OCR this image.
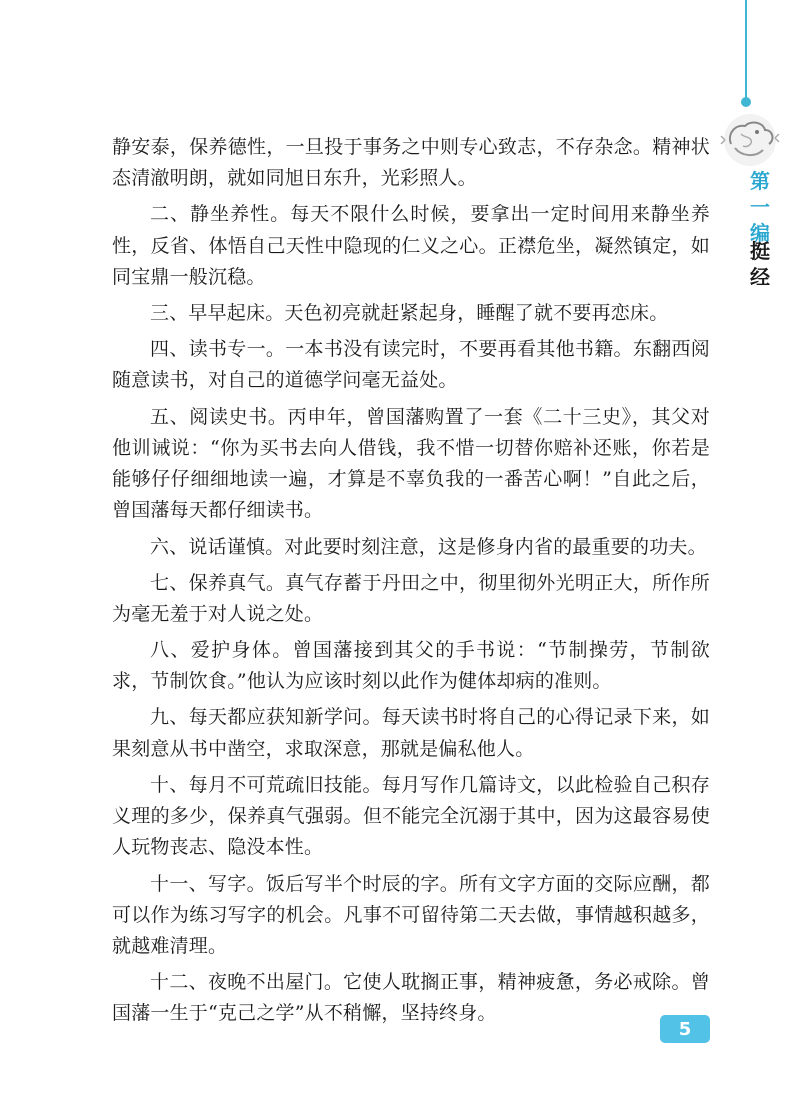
第
一
编
挺
经

静安泰，保养德性，一旦投于事务之中则专心致志，不存杂念。精神状态清澈明朗，就如同旭日东升，光彩照人。

二、静坐养性。每天不限什么时候，要拿出一定时间用来静坐养性，反省、体悟自己天性中隐现的仁义之心。正襟危坐，凝然镇定，如同宝鼎一般沉稳。

三、早早起床。天色初亮就赶紧起身，睡醒了就不要再恋床。

四、读书专一。一本书没有读完时，不要再看其他书籍。东翻西阅随意读书，对自己的道德学问毫无益处。

五、阅读史书。丙申年，曾国藩购置了一套《二十三史》，其父对他训诫说：“你为买书去向人借钱，我不惜一切替你赔补还账，你若是能够仔仔细细地读一遍，才算是不辜负我的一番苦心啊！”自此之后，曾国藩每天都仔细读书。

六、说话谨慎。对此要时刻注意，这是修身内省的最重要的功夫。

七、保养真气。真气存蓄于丹田之中，彻里彻外光明正大，所作所为毫无羞于对人说之处。

八、爱护身体。曾国藩接到其父的手书说：“节制操劳，节制欲求，节制饮食。”他认为应该时刻以此作为健体却病的准则。

九、每天都应获知新学问。每天读书时将自己的心得记录下来，如果刻意从书中凿空，求取深意，那就是偏私他人。

十、每月不可荒疏旧技能。每月写作几篇诗文，以此检验自己积存义理的多少，保养真气强弱。但不能完全沉溺于其中，因为这最容易使人玩物丧志、隐没本性。

十一、写字。饭后写半个时辰的字。所有文字方面的交际应酬，都可以作为练习写字的机会。凡事不可留待第二天去做，事情越积越多，就越难清理。

十二、夜晚不出屋门。它使人耽搁正事，精神疲惫，务必戒除。曾国藩一生于“克己之学”从不稍懈，坚持终身。

5
